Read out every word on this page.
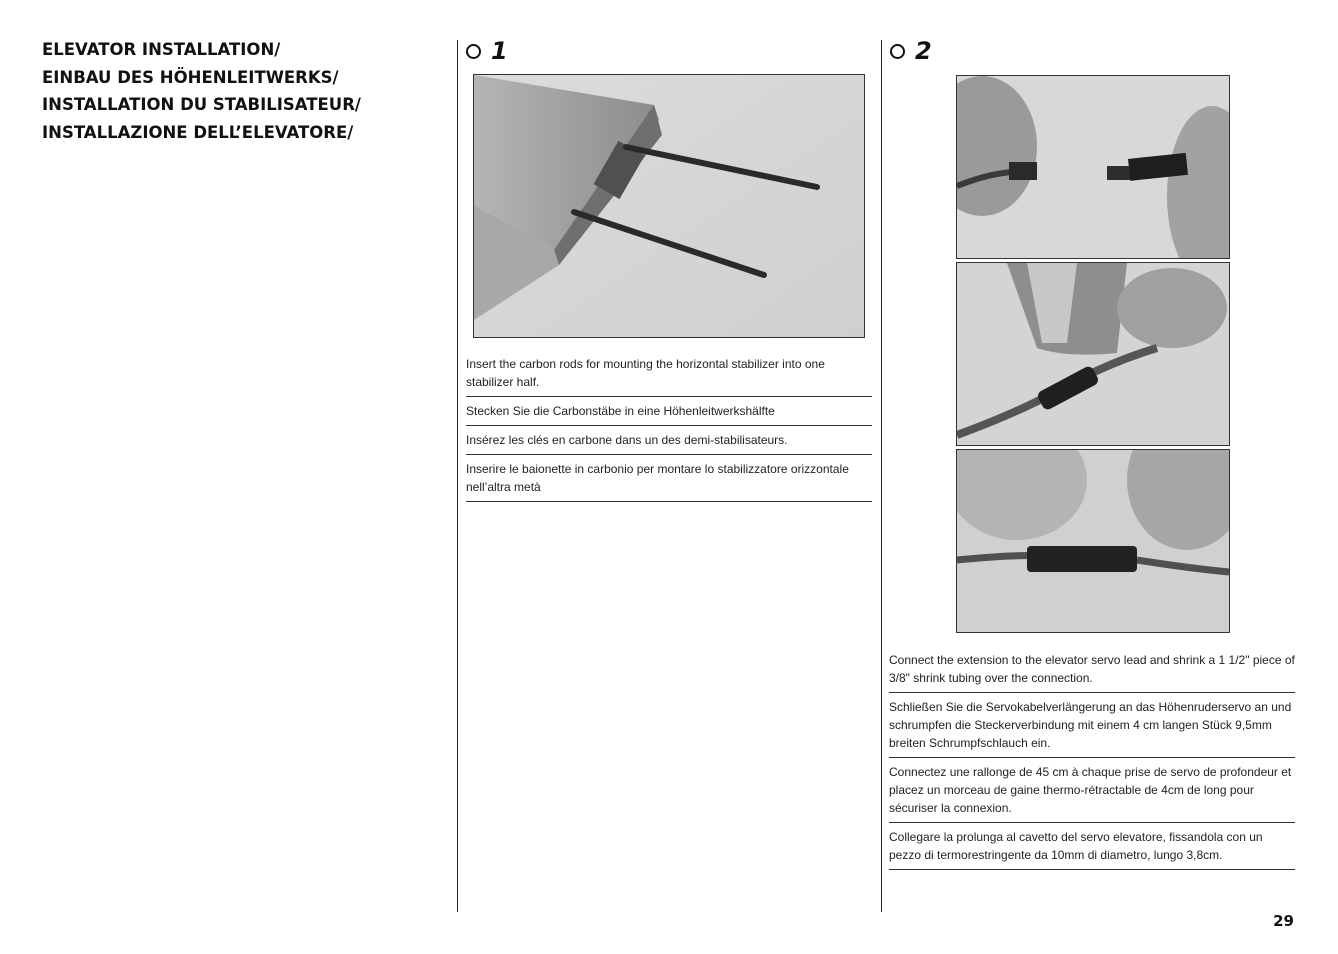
ELEVATOR INSTALLATION/
EINBAU DES HÖHENLEITWERKS/
INSTALLATION DU STABILISATEUR/
INSTALLAZIONE DELL’ELEVATORE/
1

Insert the carbon rods for mounting the horizontal stabilizer into one stabilizer half.

Stecken Sie die Carbonstäbe in eine Höhenleitwerkshälfte

Insérez les clés en carbone dans un des demi-stabilisateurs.

Inserire le baionette in carbonio per montare lo stabilizzatore orizzontale nell’altra metà

2

Connect the extension to the elevator servo lead and shrink a 1 1/2" piece of 3/8" shrink tubing over the connection.

Schließen Sie die Servokabelverlängerung an das Höhenruderservo an und schrumpfen die Steckerverbindung mit einem 4 cm langen Stück 9,5mm breiten Schrumpfschlauch ein.

Connectez une rallonge de 45 cm à chaque prise de servo de profondeur et placez un morceau de gaine thermo-rétractable de 4cm de long pour sécuriser la connexion.

Collegare la prolunga al cavetto del servo elevatore, fissandola con un pezzo di termorestringente da 10mm di diametro, lungo 3,8cm.

29
